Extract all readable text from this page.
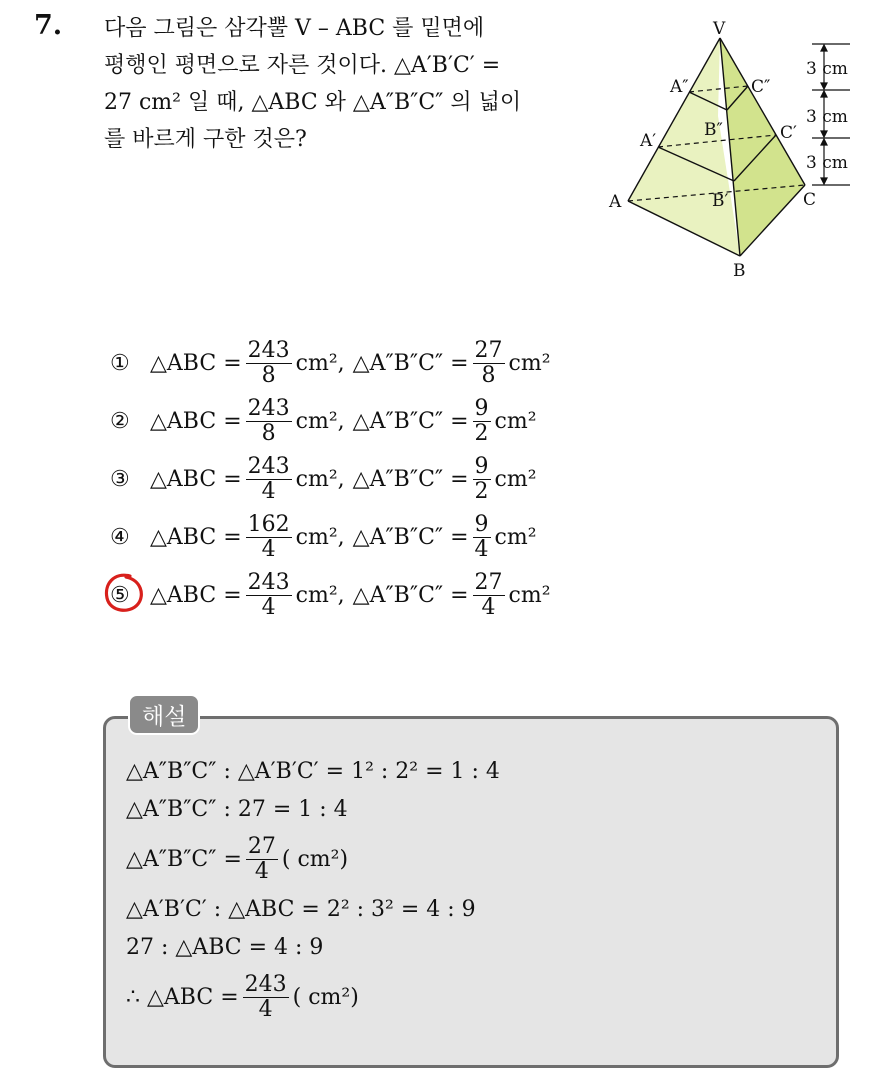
7. 다음 그림은 삼각뿔 V – ABC 를 밑면에
평행인 평면으로 자른 것이다. △A′B′C′ =
27 cm² 일 때, △ABC 와 △A″B″C″ 의 넓이
를 바르게 구한 것은?
3 cm
3 cm
3 cm
V
A″	C″
B″
A′	C′
B′
A	C
B
① △ABC = $\frac{243}{8} cm^2$, △A″B″C″ = $\frac{27}{8} cm^2$
② △ABC = $\frac{243}{8} cm^2$, △A″B″C″ = $\frac{9}{2} cm^2$
③ △ABC = $\frac{243}{4} cm^2$, △A″B″C″ = $\frac{9}{2} cm^2$
④ △ABC = $\frac{162}{4} cm^2$, △A″B″C″ = $\frac{9}{4} cm^2$
⑤ △ABC = $\frac{243}{4} cm^2$, △A″B″C″ = $\frac{27}{4} cm^2$
해설
△A″B″C″ : △A′B′C′ = 1² : 2² = 1 : 4
△A″B″C″ : 27 = 1 : 4
△A″B″C″ = $\frac{27}{4}$ ( cm²)
△A′B′C′ : △ABC = 2² : 3² = 4 : 9
27 : △ABC = 4 : 9
∴ △ABC = $\frac{243}{4}$ ( cm²)
